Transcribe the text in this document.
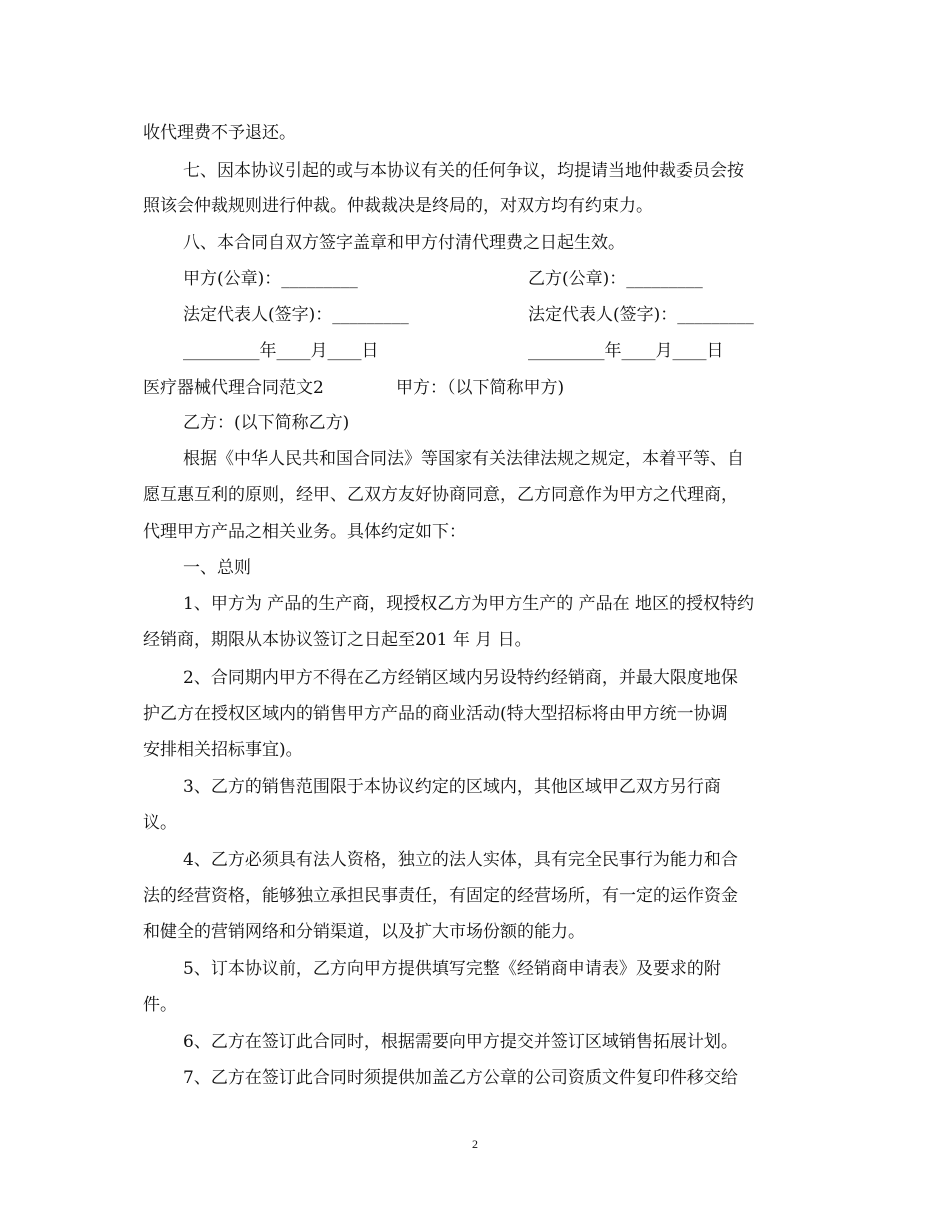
收代理费不予退还。
七、因本协议引起的或与本协议有关的任何争议，均提请当地仲裁委员会按
照该会仲裁规则进行仲裁。仲裁裁决是终局的，对双方均有约束力。
八、本合同自双方签字盖章和甲方付清代理费之日起生效。
甲方(公章)：_________	乙方(公章)：_________
法定代表人(签字)：_________	法定代表人(签字)：_________
_________年____月____日	_________年____月____日
医疗器械代理合同范文2	甲方：（以下简称甲方)
乙方：(以下简称乙方)
根据《中华人民共和国合同法》等国家有关法律法规之规定，本着平等、自
愿互惠互利的原则，经甲、乙双方友好协商同意，乙方同意作为甲方之代理商，
代理甲方产品之相关业务。具体约定如下：
一、总则
1、甲方为 产品的生产商，现授权乙方为甲方生产的 产品在 地区的授权特约
经销商，期限从本协议签订之日起至201 年 月 日。
2、合同期内甲方不得在乙方经销区域内另设特约经销商，并最大限度地保
护乙方在授权区域内的销售甲方产品的商业活动(特大型招标将由甲方统一协调
安排相关招标事宜)。
3、乙方的销售范围限于本协议约定的区域内，其他区域甲乙双方另行商
议。
4、乙方必须具有法人资格，独立的法人实体，具有完全民事行为能力和合
法的经营资格，能够独立承担民事责任，有固定的经营场所，有一定的运作资金
和健全的营销网络和分销渠道，以及扩大市场份额的能力。
5、订本协议前，乙方向甲方提供填写完整《经销商申请表》及要求的附
件。
6、乙方在签订此合同时，根据需要向甲方提交并签订区域销售拓展计划。
7、乙方在签订此合同时须提供加盖乙方公章的公司资质文件复印件移交给
2
